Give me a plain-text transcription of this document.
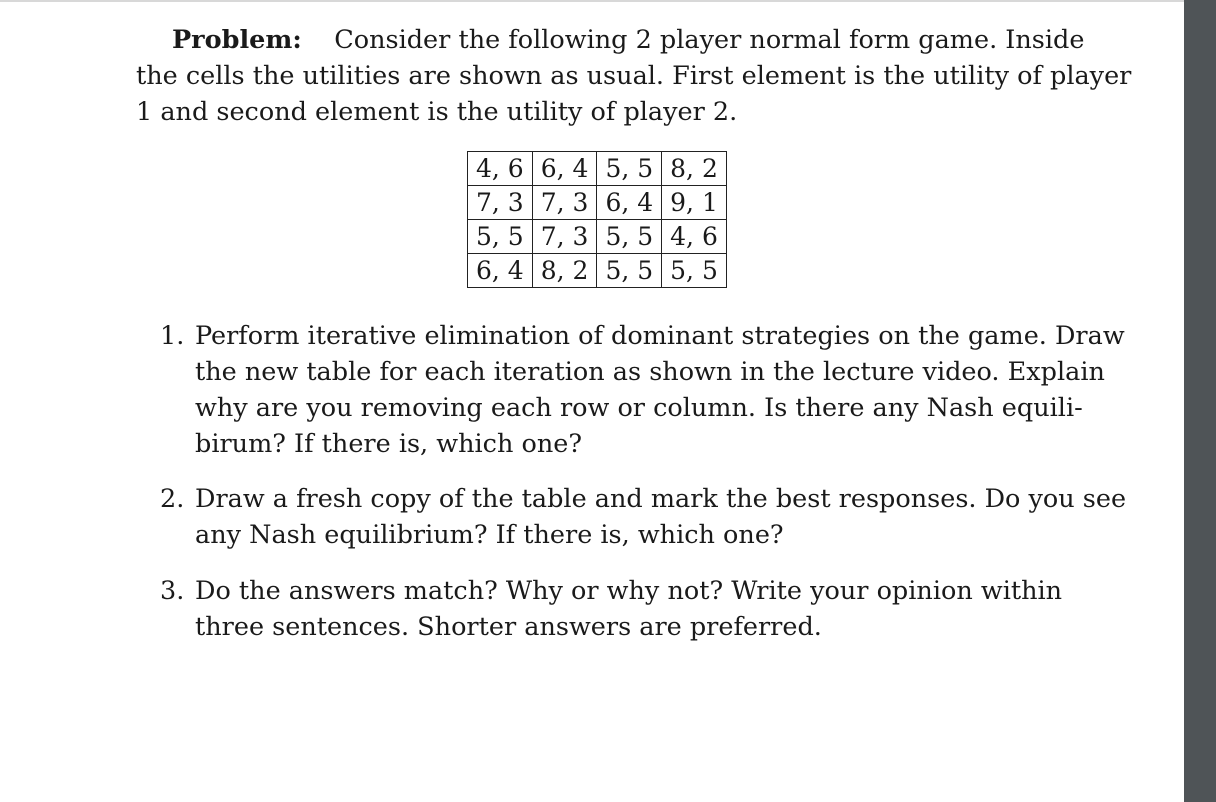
Problem: Consider the following 2 player normal form game. Inside
the cells the utilities are shown as usual. First element is the utility of player
1 and second element is the utility of player 2.
4, 6	6, 4	5, 5	8, 2
7, 3	7, 3	6, 4	9, 1
5, 5	7, 3	5, 5	4, 6
6, 4	8, 2	5, 5	5, 5
1. Perform iterative elimination of dominant strategies on the game. Draw
the new table for each iteration as shown in the lecture video. Explain
why are you removing each row or column. Is there any Nash equili-
birum? If there is, which one?
2. Draw a fresh copy of the table and mark the best responses. Do you see
any Nash equilibrium? If there is, which one?
3. Do the answers match? Why or why not? Write your opinion within
three sentences. Shorter answers are preferred.
